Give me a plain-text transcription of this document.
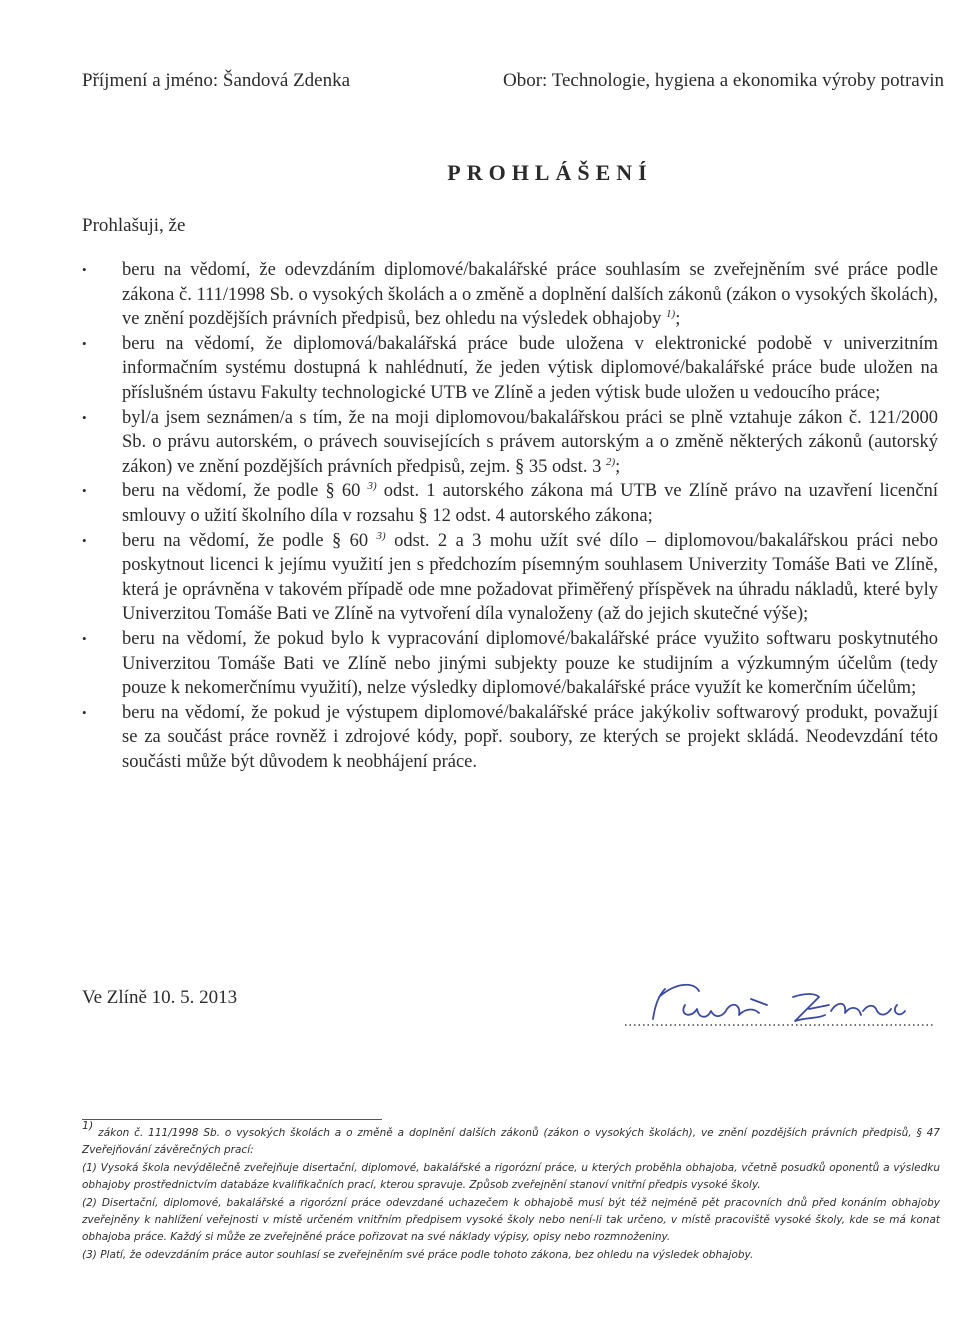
Příjmení a jméno: Šandová Zdenka	Obor: Technologie, hygiena a ekonomika výroby potravin
PROHLÁŠENÍ
Prohlašuji, že
• beru na vědomí, že odevzdáním diplomové/bakalářské práce souhlasím se zveřejněním své práce podle zákona č. 111/1998 Sb. o vysokých školách a o změně a doplnění dalších zákonů (zákon o vysokých školách), ve znění pozdějších právních předpisů, bez ohledu na výsledek obhajoby $^{1)}$;
• beru na vědomí, že diplomová/bakalářská práce bude uložena v elektronické podobě v univerzitním informačním systému dostupná k nahlédnutí, že jeden výtisk diplomové/bakalářské práce bude uložen na příslušném ústavu Fakulty technologické UTB ve Zlíně a jeden výtisk bude uložen u vedoucího práce;
• byl/a jsem seznámen/a s tím, že na moji diplomovou/bakalářskou práci se plně vztahuje zákon č. 121/2000 Sb. o právu autorském, o právech souvisejících s právem autorským a o změně některých zákonů (autorský zákon) ve znění pozdějších právních předpisů, zejm. § 35 odst. 3 $^{2)}$;
• beru na vědomí, že podle § 60 $^{3)}$ odst. 1 autorského zákona má UTB ve Zlíně právo na uzavření licenční smlouvy o užití školního díla v rozsahu § 12 odst. 4 autorského zákona;
• beru na vědomí, že podle § 60 $^{3)}$ odst. 2 a 3 mohu užít své dílo – diplomovou/bakalářskou práci nebo poskytnout licenci k jejímu využití jen s předchozím písemným souhlasem Univerzity Tomáše Bati ve Zlíně, která je oprávněna v takovém případě ode mne požadovat přiměřený příspěvek na úhradu nákladů, které byly Univerzitou Tomáše Bati ve Zlíně na vytvoření díla vynaloženy (až do jejich skutečné výše);
• beru na vědomí, že pokud bylo k vypracování diplomové/bakalářské práce využito softwaru poskytnutého Univerzitou Tomáše Bati ve Zlíně nebo jinými subjekty pouze ke studijním a výzkumným účelům (tedy pouze k nekomerčnímu využití), nelze výsledky diplomové/bakalářské práce využít ke komerčním účelům;
• beru na vědomí, že pokud je výstupem diplomové/bakalářské práce jakýkoliv softwarový produkt, považují se za součást práce rovněž i zdrojové kódy, popř. soubory, ze kterých se projekt skládá. Neodevzdání této součásti může být důvodem k neobhájení práce.
Ve Zlíně 10. 5. 2013

$^{1)}$ zákon č. 111/1998 Sb. o vysokých školách a o změně a doplnění dalších zákonů (zákon o vysokých školách), ve znění pozdějších právních předpisů, § 47 Zveřejňování závěrečných prací:

(1) Vysoká škola nevýdělečně zveřejňuje disertační, diplomové, bakalářské a rigorózní práce, u kterých proběhla obhajoba, včetně posudků oponentů a výsledku obhajoby prostřednictvím databáze kvalifikačních prací, kterou spravuje. Způsob zveřejnění stanoví vnitřní předpis vysoké školy.

(2) Disertační, diplomové, bakalářské a rigorózní práce odevzdané uchazečem k obhajobě musí být též nejméně pět pracovních dnů před konáním obhajoby zveřejněny k nahlížení veřejnosti v místě určeném vnitřním předpisem vysoké školy nebo není-li tak určeno, v místě pracoviště vysoké školy, kde se má konat obhajoba práce. Každý si může ze zveřejněné práce pořizovat na své náklady výpisy, opisy nebo rozmnoženiny.

(3) Platí, že odevzdáním práce autor souhlasí se zveřejněním své práce podle tohoto zákona, bez ohledu na výsledek obhajoby.
